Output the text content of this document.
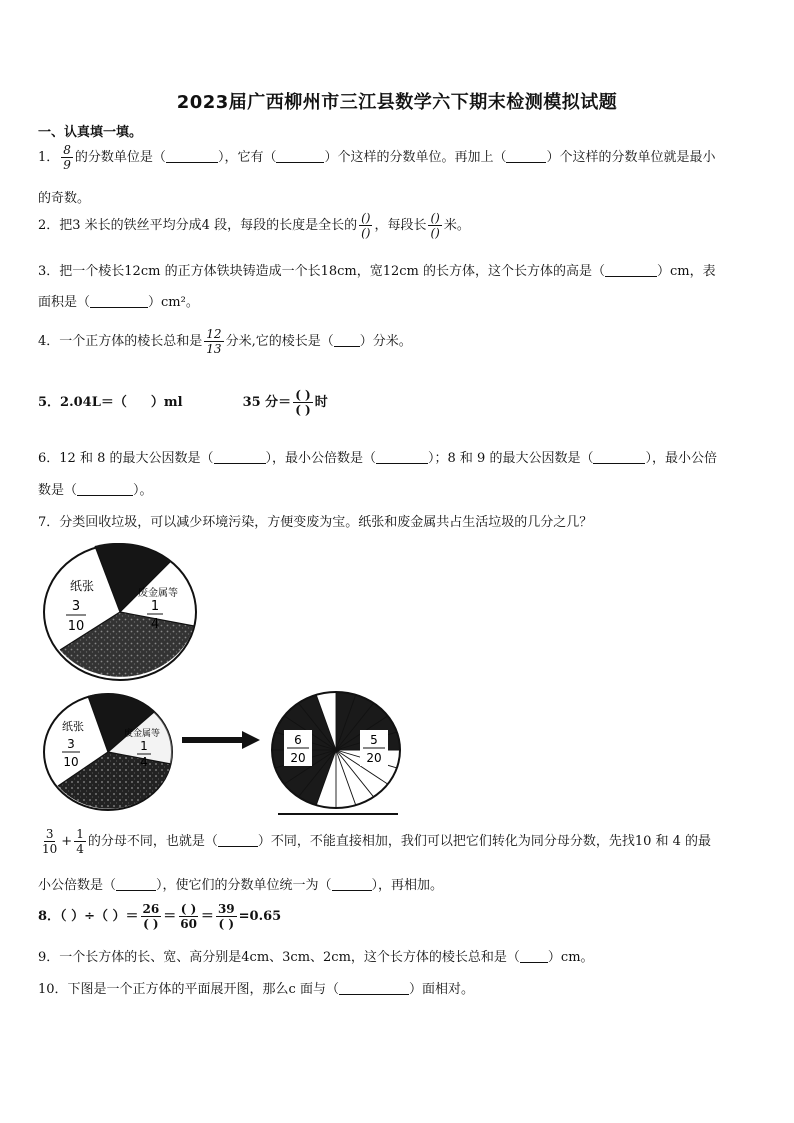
2023届广西柳州市三江县数学六下期末检测模拟试题
一、认真填一填。
1． $\frac{8}{9}$ 的分数单位是（	），它有（	）个这样的分数单位。再加上（	）个这样的分数单位就是最小
的奇数。
2．把3 米长的铁丝平均分成4 段，每段的长度是全长的 $\frac{()}{()}$ ，每段长 $\frac{()}{()}$ 米。
3．把一个棱长12cm 的正方体铁块铸造成一个长18cm，宽12cm 的长方体，这个长方体的高是（	）cm，表
面积是（	）cm²。
4．一个正方体的棱长总和是 $\frac{12}{13}$ 分米,它的棱长是（ ）分米。
5．2.04L＝（ ）ml	35 分＝ $\frac{( )}{( )}$ 时
6．12 和 8 的最大公因数是（	），最小公倍数是（	）；8 和 9 的最大公因数是（	），最小公倍
数是（	）。
7．分类回收垃圾，可以减少环境污染，方便变废为宝。纸张和废金属共占生活垃圾的几分之几？
纸张
3
10
废金属等
1
4
纸张
3
10
废金属等
1
4
6
20
5
20
$\frac{3}{10} + \frac{1}{4}$ 的分母不同，也就是（	）不同，不能直接相加，我们可以把它们转化为同分母分数，先找10 和 4 的最
小公倍数是（	），使它们的分数单位统一为（	），再相加。
8．（ ）÷（ ）＝ $\frac{26}{( )} = \frac{( )}{60} = \frac{39}{( )} =0.65$
9．一个长方体的长、宽、高分别是4cm、3cm、2cm，这个长方体的棱长总和是（ ）cm。
10．下图是一个正方体的平面展开图，那么c 面与（	）面相对。
